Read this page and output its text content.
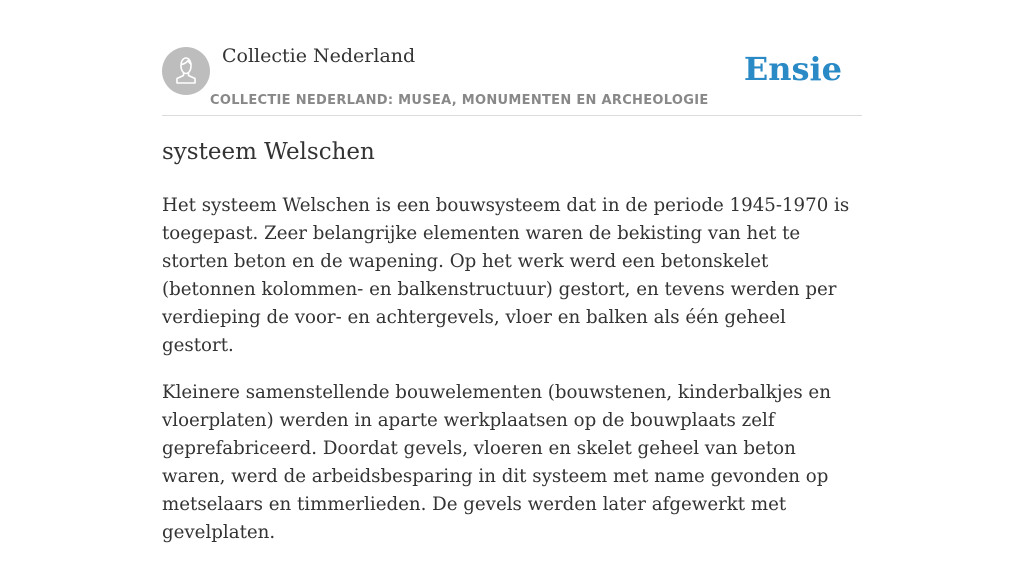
Collectie Nederland
COLLECTIE NEDERLAND: MUSEA, MONUMENTEN EN ARCHEOLOGIE
Ensie
systeem Welschen

Het systeem Welschen is een bouwsysteem dat in de periode 1945-1970 is toegepast. Zeer belangrijke elementen waren de bekisting van het te storten beton en de wapening. Op het werk werd een betonskelet (betonnen kolommen- en balkenstructuur) gestort, en tevens werden per verdieping de voor- en achtergevels, vloer en balken als één geheel gestort.

Kleinere samenstellende bouwelementen (bouwstenen, kinderbalkjes en vloerplaten) werden in aparte werkplaatsen op de bouwplaats zelf geprefabriceerd. Doordat gevels, vloeren en skelet geheel van beton waren, werd de arbeidsbesparing in dit systeem met name gevonden op metselaars en timmerlieden. De gevels werden later afgewerkt met gevelplaten.
